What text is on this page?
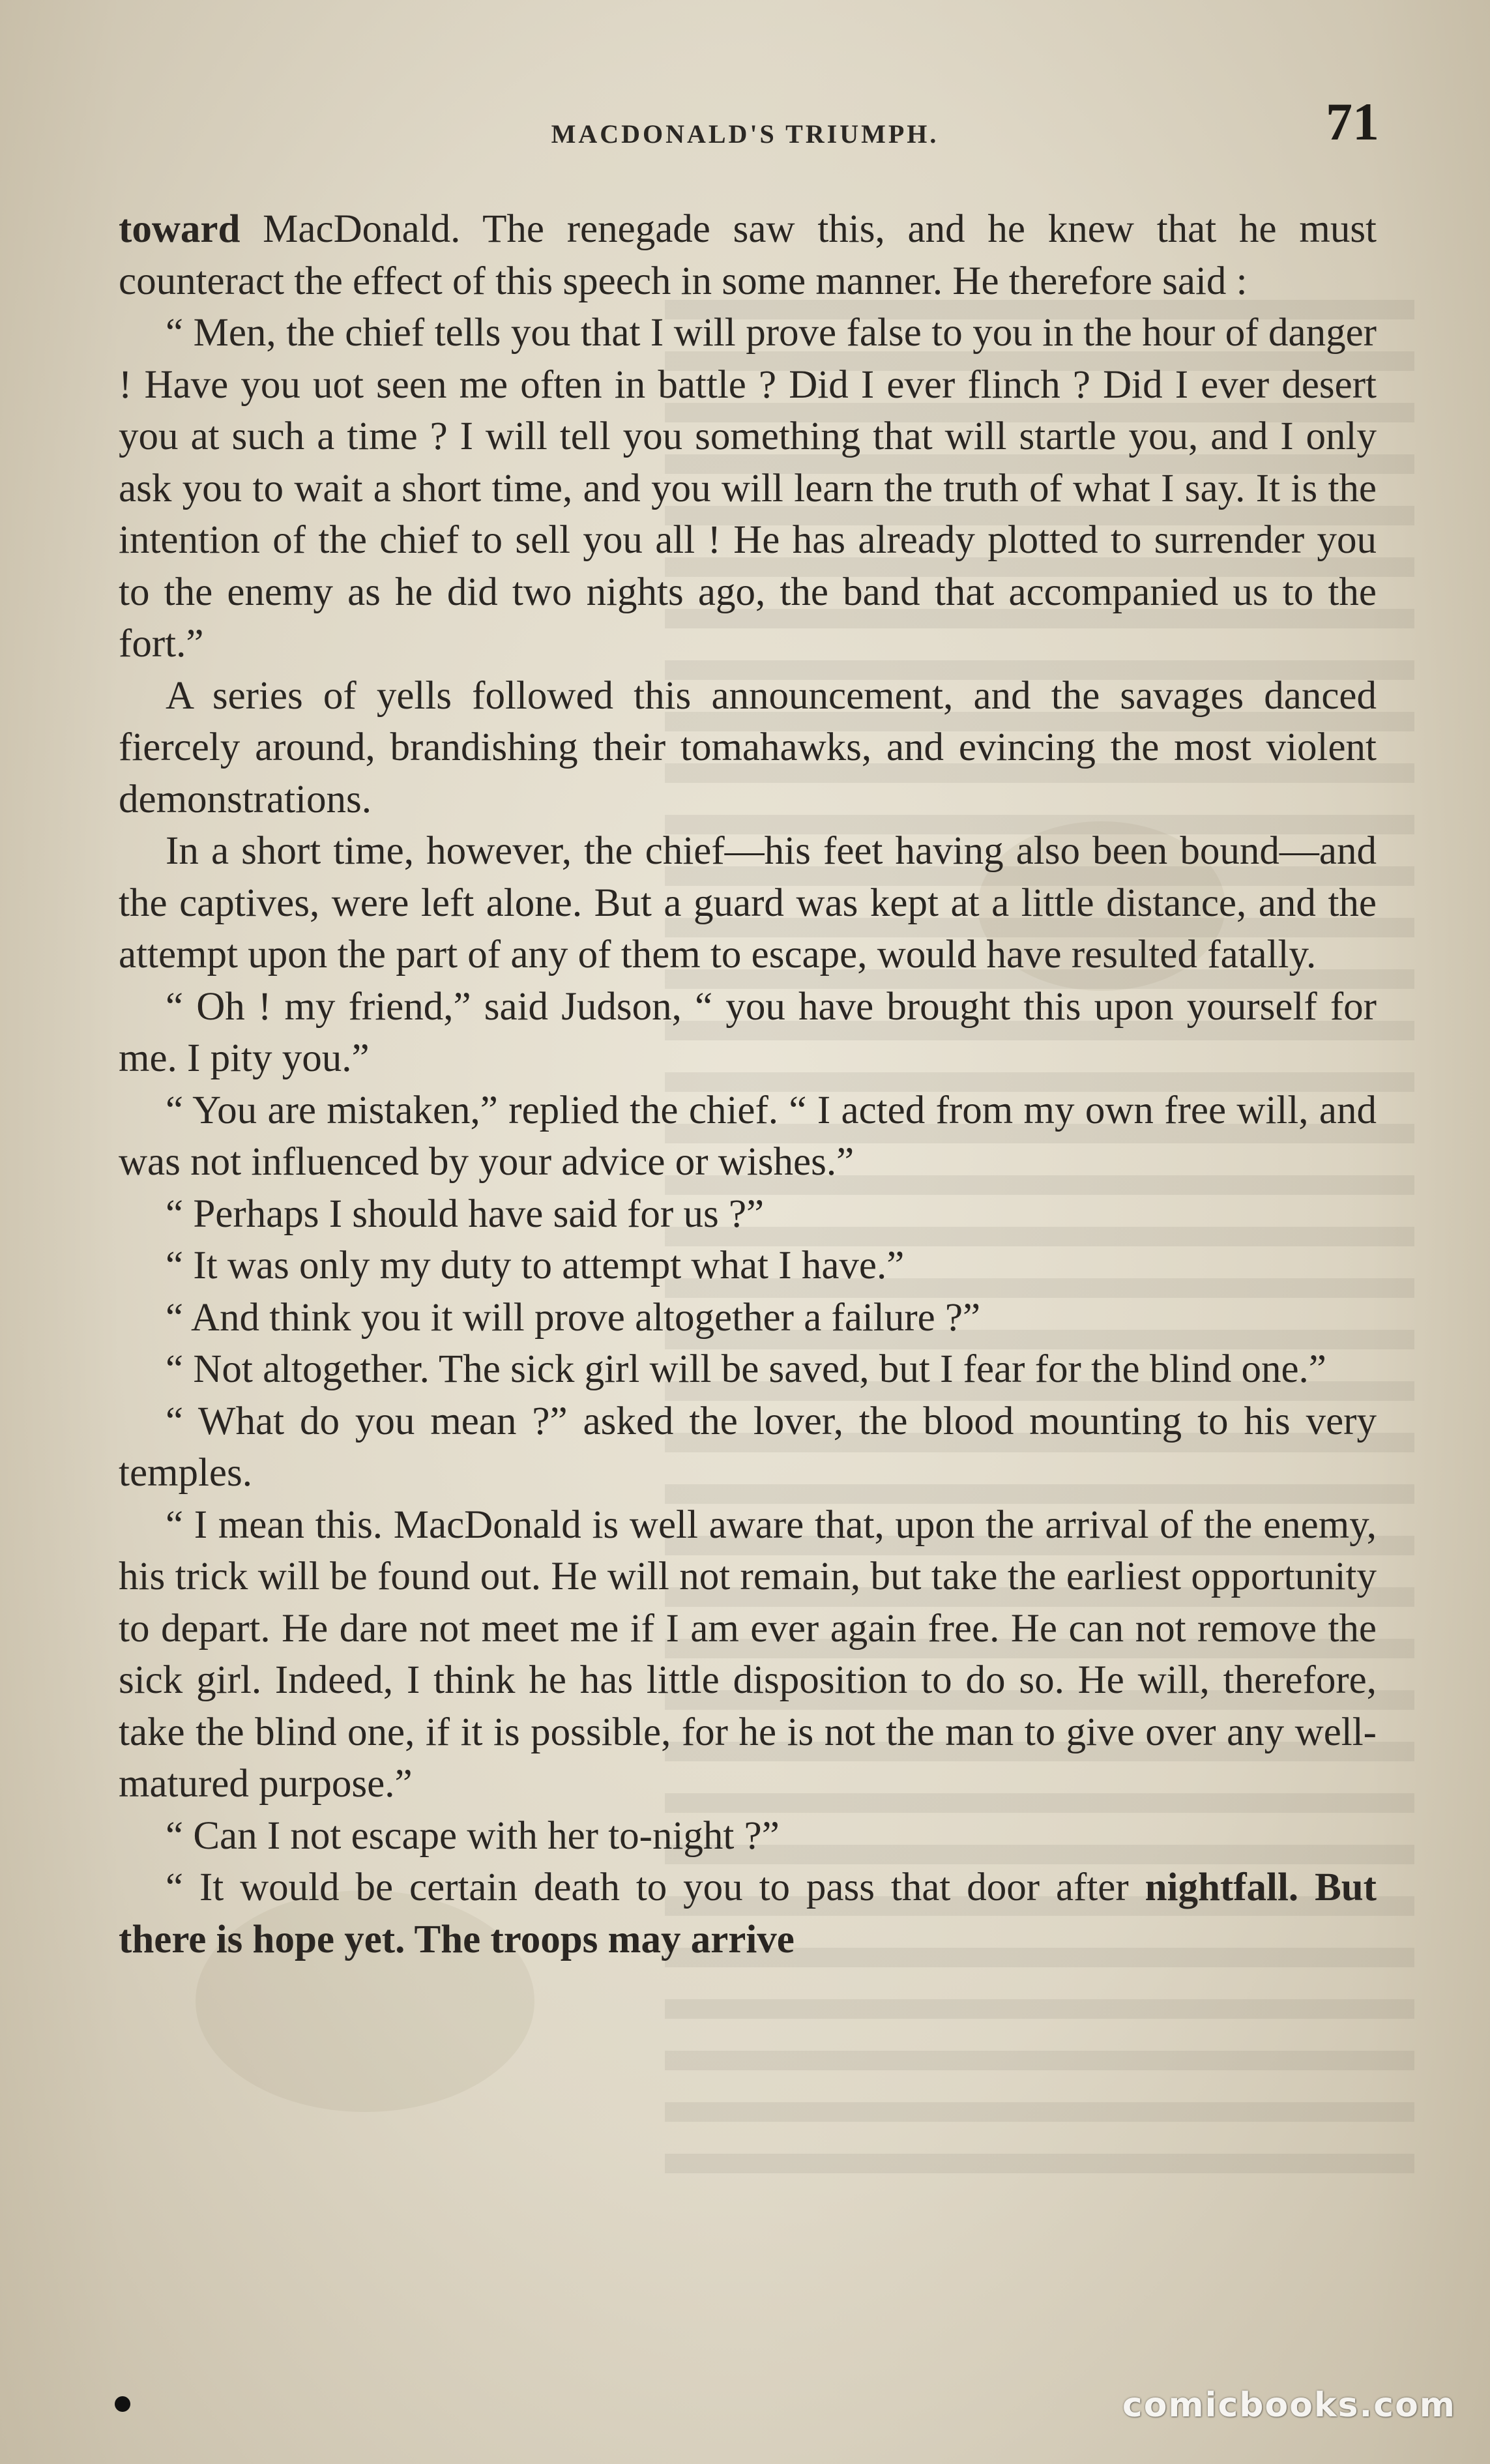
MACDONALD'S TRIUMPH.	71

toward MacDonald. The renegade saw this, and he knew that he must counteract the effect of this speech in some manner. He therefore said :

“ Men, the chief tells you that I will prove false to you in the hour of danger ! Have you uot seen me often in battle ? Did I ever flinch ? Did I ever desert you at such a time ? I will tell you something that will startle you, and I only ask you to wait a short time, and you will learn the truth of what I say. It is the intention of the chief to sell you all ! He has already plotted to surrender you to the enemy as he did two nights ago, the band that accompanied us to the fort.”

A series of yells followed this announcement, and the savages danced fiercely around, brandishing their tomahawks, and evincing the most violent demonstrations.

In a short time, however, the chief—his feet having also been bound—and the captives, were left alone. But a guard was kept at a little distance, and the attempt upon the part of any of them to escape, would have resulted fatally.

“ Oh ! my friend,” said Judson, “ you have brought this upon yourself for me. I pity you.”

“ You are mistaken,” replied the chief. “ I acted from my own free will, and was not influenced by your advice or wishes.”

“ Perhaps I should have said for us ?”

“ It was only my duty to attempt what I have.”

“ And think you it will prove altogether a failure ?”

“ Not altogether. The sick girl will be saved, but I fear for the blind one.”

“ What do you mean ?” asked the lover, the blood mounting to his very temples.

“ I mean this. MacDonald is well aware that, upon the arrival of the enemy, his trick will be found out. He will not remain, but take the earliest opportunity to depart. He dare not meet me if I am ever again free. He can not remove the sick girl. Indeed, I think he has little disposition to do so. He will, therefore, take the blind one, if it is possible, for he is not the man to give over any well-matured purpose.”

“ Can I not escape with her to-night ?”

“ It would be certain death to you to pass that door after nightfall. But there is hope yet. The troops may arrive

comicbooks.com
